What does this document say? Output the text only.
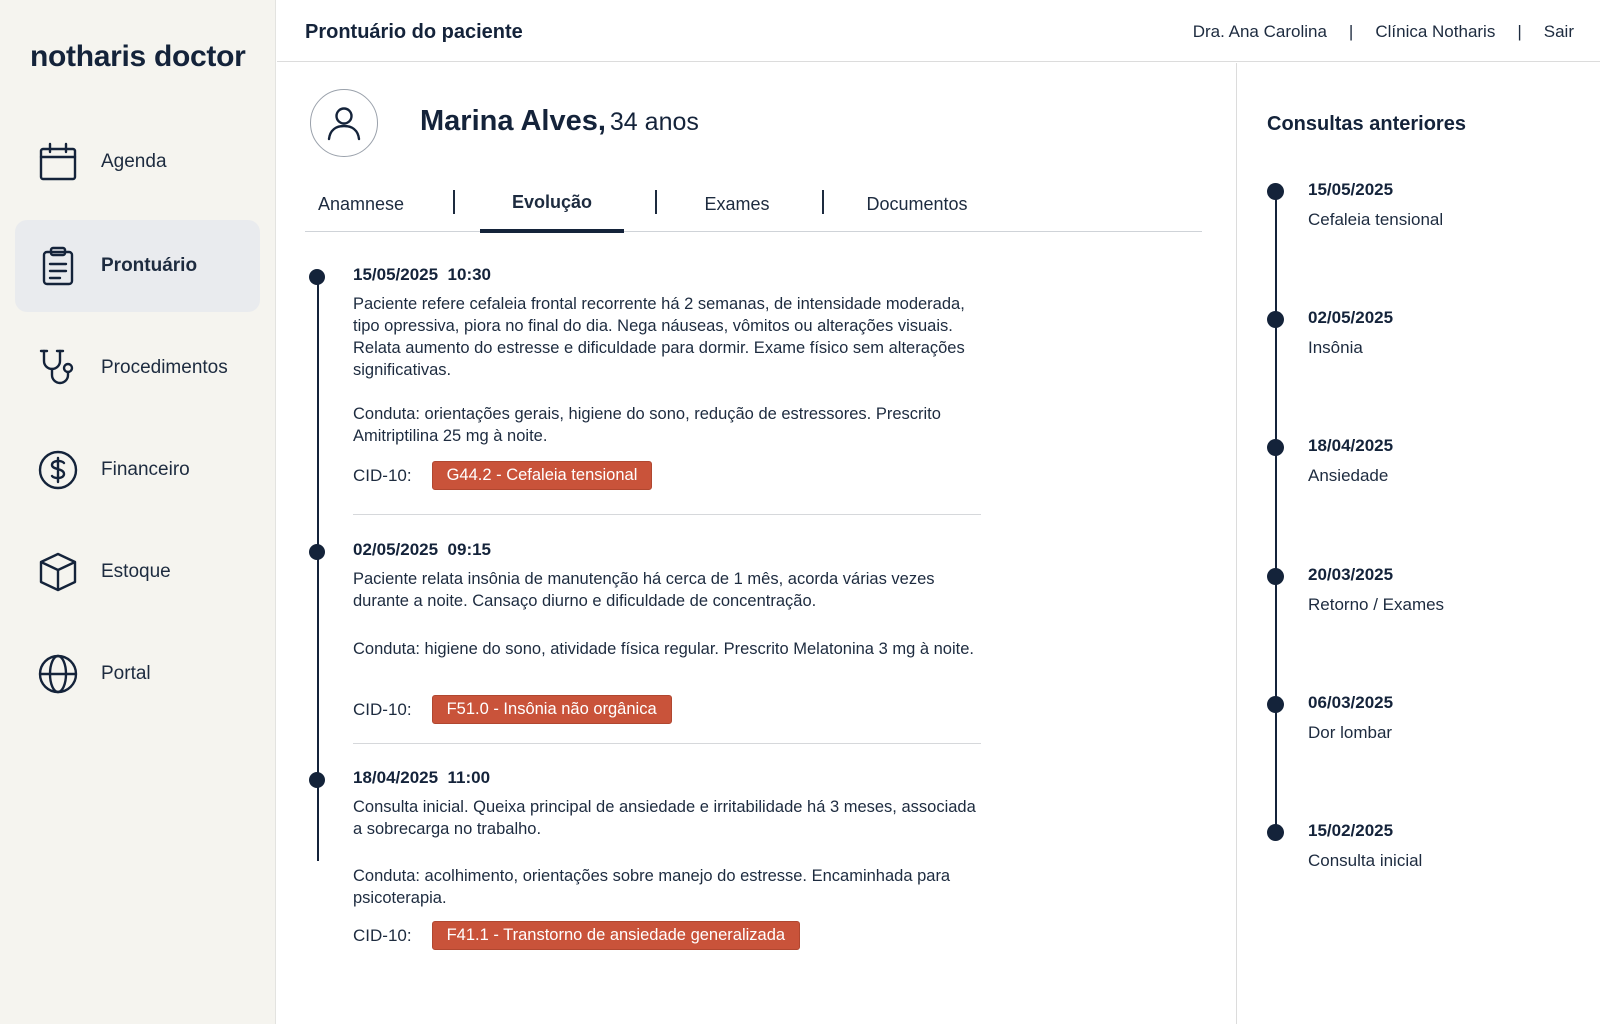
notharis doctor
Agenda
Prontuário
Procedimentos
Financeiro
Estoque
Portal
Prontuário do paciente	Dra. Ana Carolina | Clínica Notharis | Sair
Marina Alves, 34 anos
Anamnese	Evolução	Exames	Documentos
15/05/2025  10:30

Paciente refere cefaleia frontal recorrente há 2 semanas, de intensidade moderada, tipo opressiva, piora no final do dia. Nega náuseas, vômitos ou alterações visuais. Relata aumento do estresse e dificuldade para dormir. Exame físico sem alterações significativas.

Conduta: orientações gerais, higiene do sono, redução de estressores. Prescrito Amitriptilina 25 mg à noite.

CID-10:	G44.2 - Cefaleia tensional
02/05/2025  09:15

Paciente relata insônia de manutenção há cerca de 1 mês, acorda várias vezes durante a noite. Cansaço diurno e dificuldade de concentração.

Conduta: higiene do sono, atividade física regular. Prescrito Melatonina 3 mg à noite.

CID-10:	F51.0 - Insônia não orgânica
18/04/2025  11:00

Consulta inicial. Queixa principal de ansiedade e irritabilidade há 3 meses, associada a sobrecarga no trabalho.

Conduta: acolhimento, orientações sobre manejo do estresse. Encaminhada para psicoterapia.

CID-10:	F41.1 - Transtorno de ansiedade generalizada
Consultas anteriores
15/05/2025
Cefaleia tensional
02/05/2025
Insônia
18/04/2025
Ansiedade
20/03/2025
Retorno / Exames
06/03/2025
Dor lombar
15/02/2025
Consulta inicial
